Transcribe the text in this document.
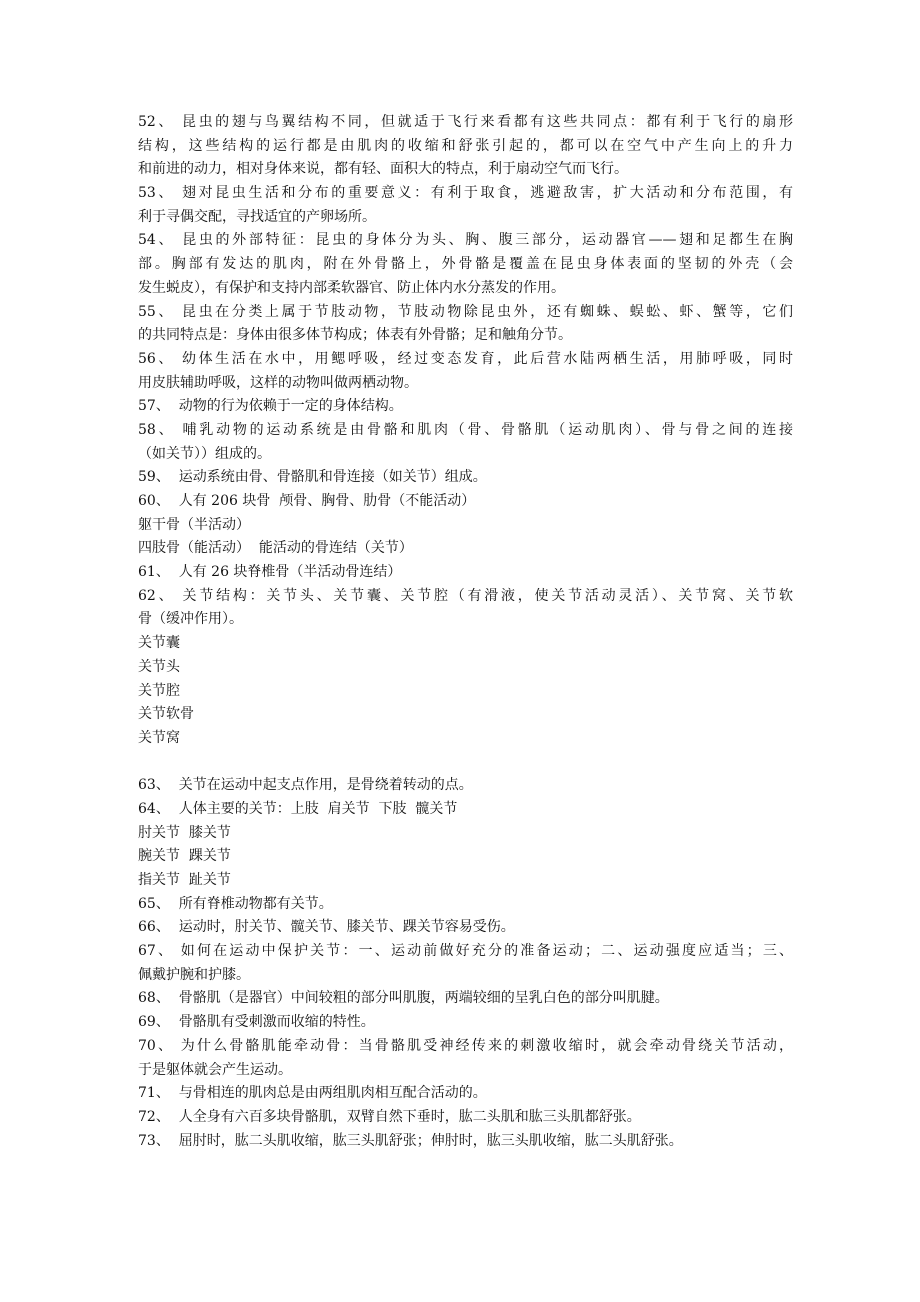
52、 昆虫的翅与鸟翼结构不同，但就适于飞行来看都有这些共同点：都有利于飞行的扇形
结构，这些结构的运行都是由肌肉的收缩和舒张引起的，都可以在空气中产生向上的升力
和前进的动力，相对身体来说，都有轻、面积大的特点，利于扇动空气而飞行。
53、 翅对昆虫生活和分布的重要意义：有利于取食，逃避敌害，扩大活动和分布范围，有
利于寻偶交配，寻找适宜的产卵场所。
54、 昆虫的外部特征：昆虫的身体分为头、胸、腹三部分，运动器官——翅和足都生在胸
部。胸部有发达的肌肉，附在外骨骼上，外骨骼是覆盖在昆虫身体表面的坚韧的外壳（会
发生蜕皮），有保护和支持内部柔软器官、防止体内水分蒸发的作用。
55、 昆虫在分类上属于节肢动物，节肢动物除昆虫外，还有蜘蛛、蜈蚣、虾、蟹等，它们
的共同特点是：身体由很多体节构成；体表有外骨骼；足和触角分节。
56、 幼体生活在水中，用鳃呼吸，经过变态发育，此后营水陆两栖生活，用肺呼吸，同时
用皮肤辅助呼吸，这样的动物叫做两栖动物。
57、  动物的行为依赖于一定的身体结构。
58、 哺乳动物的运动系统是由骨骼和肌肉（骨、骨骼肌（运动肌肉）、骨与骨之间的连接
（如关节））组成的。
59、  运动系统由骨、骨骼肌和骨连接（如关节）组成。
60、  人有 206 块骨  颅骨、胸骨、肋骨（不能活动）
躯干骨（半活动）
四肢骨（能活动）  能活动的骨连结（关节）
61、  人有 26 块脊椎骨（半活动骨连结）
62、 关节结构：关节头、关节囊、关节腔（有滑液，使关节活动灵活）、关节窝、关节软
骨（缓冲作用）。
关节囊
关节头
关节腔
关节软骨
关节窝
63、  关节在运动中起支点作用，是骨绕着转动的点。
64、  人体主要的关节：上肢  肩关节  下肢  髋关节
肘关节  膝关节
腕关节  踝关节
指关节  趾关节
65、  所有脊椎动物都有关节。
66、  运动时，肘关节、髋关节、膝关节、踝关节容易受伤。
67、 如何在运动中保护关节：一、运动前做好充分的准备运动；二、运动强度应适当；三、
佩戴护腕和护膝。
68、  骨骼肌（是器官）中间较粗的部分叫肌腹，两端较细的呈乳白色的部分叫肌腱。
69、  骨骼肌有受刺激而收缩的特性。
70、 为什么骨骼肌能牵动骨：当骨骼肌受神经传来的刺激收缩时，就会牵动骨绕关节活动，
于是躯体就会产生运动。
71、  与骨相连的肌肉总是由两组肌肉相互配合活动的。
72、  人全身有六百多块骨骼肌，双臂自然下垂时，肱二头肌和肱三头肌都舒张。
73、  屈肘时，肱二头肌收缩，肱三头肌舒张；伸肘时，肱三头肌收缩，肱二头肌舒张。
